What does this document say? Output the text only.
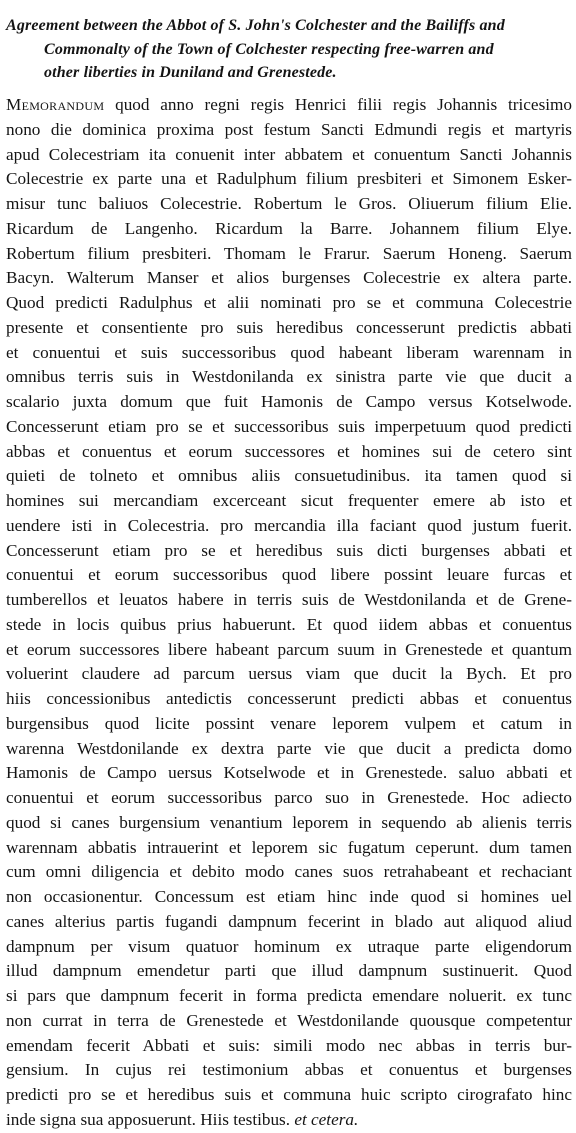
Agreement between the Abbot of S. John's Colchester and the Bailiffs and
Commonalty of the Town of Colchester respecting free-warren and
other liberties in Duniland and Grenestede.
Memorandum quod anno regni regis Henrici filii regis Johannis tricesimo
nono die dominica proxima post festum Sancti Edmundi regis et martyris
apud Colecestriam ita conuenit inter abbatem et conuentum Sancti Johannis
Colecestrie ex parte una et Radulphum filium presbiteri et Simonem Esker-
misur tunc baliuos Colecestrie. Robertum le Gros. Oliuerum filium Elie.
Ricardum de Langenho. Ricardum la Barre. Johannem filium Elye.
Robertum filium presbiteri. Thomam le Frarur. Saerum Honeng. Saerum
Bacyn. Walterum Manser et alios burgenses Colecestrie ex altera parte.
Quod predicti Radulphus et alii nominati pro se et communa Colecestrie
presente et consentiente pro suis heredibus concesserunt predictis abbati
et conuentui et suis successoribus quod habeant liberam warennam in
omnibus terris suis in Westdonilanda ex sinistra parte vie que ducit a
scalario juxta domum que fuit Hamonis de Campo versus Kotselwode.
Concesserunt etiam pro se et successoribus suis imperpetuum quod predicti
abbas et conuentus et eorum successores et homines sui de cetero sint
quieti de tolneto et omnibus aliis consuetudinibus. ita tamen quod si
homines sui mercandiam excerceant sicut frequenter emere ab isto et
uendere isti in Colecestria. pro mercandia illa faciant quod justum fuerit.
Concesserunt etiam pro se et heredibus suis dicti burgenses abbati et
conuentui et eorum successoribus quod libere possint leuare furcas et
tumberellos et leuatos habere in terris suis de Westdonilanda et de Grene-
stede in locis quibus prius habuerunt. Et quod iidem abbas et conuentus
et eorum successores libere habeant parcum suum in Grenestede et quantum
voluerint claudere ad parcum uersus viam que ducit la Bych. Et pro
hiis concessionibus antedictis concesserunt predicti abbas et conuentus
burgensibus quod licite possint venare leporem vulpem et catum in
warenna Westdonilande ex dextra parte vie que ducit a predicta domo
Hamonis de Campo uersus Kotselwode et in Grenestede. saluo abbati et
conuentui et eorum successoribus parco suo in Grenestede. Hoc adiecto
quod si canes burgensium venantium leporem in sequendo ab alienis terris
warennam abbatis intrauerint et leporem sic fugatum ceperunt. dum tamen
cum omni diligencia et debito modo canes suos retrahabeant et rechaciant
non occasionentur. Concessum est etiam hinc inde quod si homines uel
canes alterius partis fugandi dampnum fecerint in blado aut aliquod aliud
dampnum per visum quatuor hominum ex utraque parte eligendorum
illud dampnum emendetur parti que illud dampnum sustinuerit. Quod
si pars que dampnum fecerit in forma predicta emendare noluerit. ex tunc
non currat in terra de Grenestede et Westdonilande quousque competentur
emendam fecerit Abbati et suis: simili modo nec abbas in terris bur-
gensium. In cujus rei testimonium abbas et conuentus et burgenses
predicti pro se et heredibus suis et communa huic scripto cirografato hinc
inde signa sua apposuerunt. Hiis testibus. et cetera.
